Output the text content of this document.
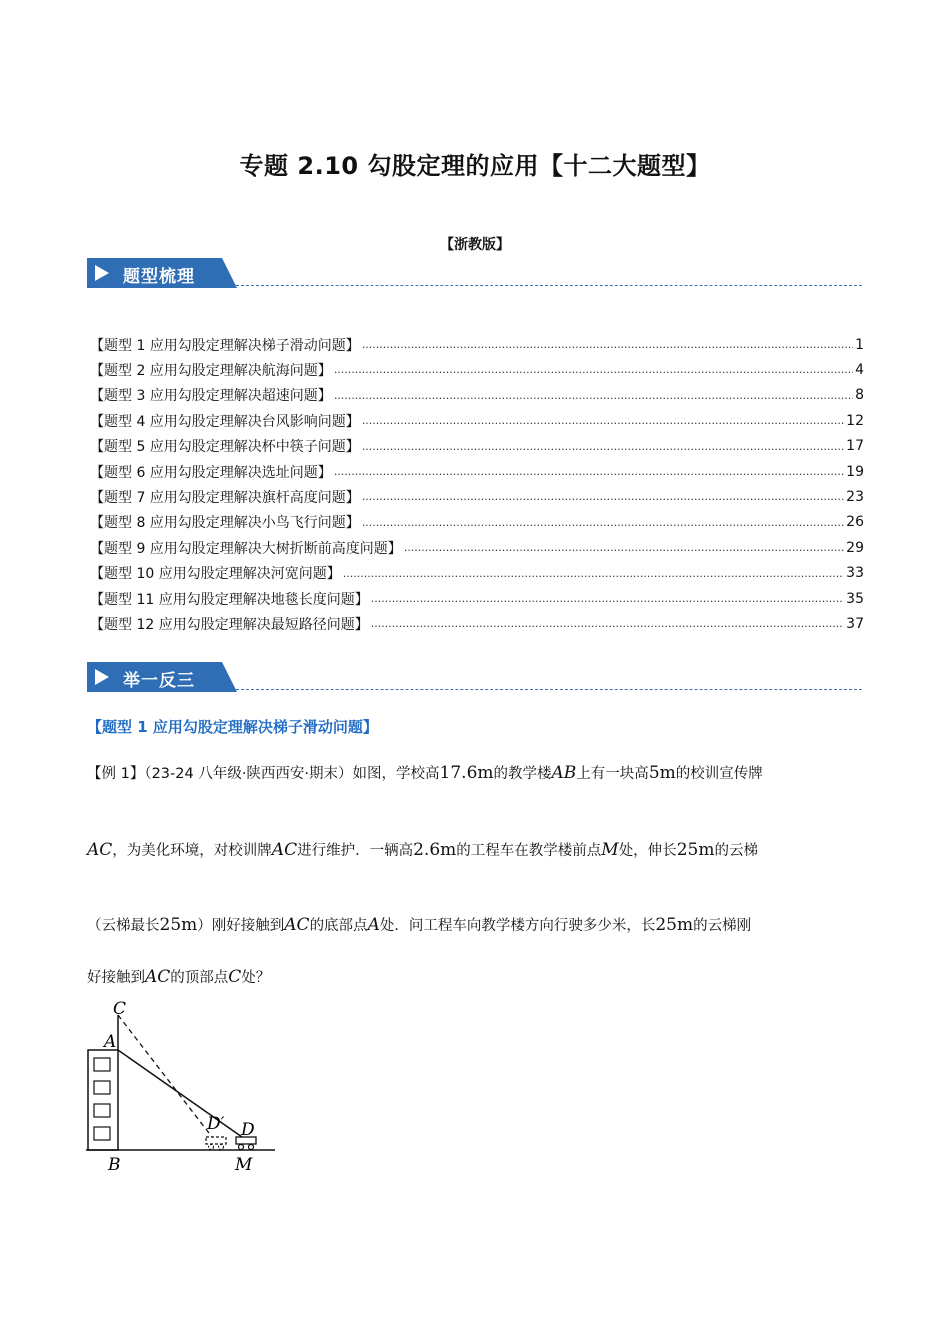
专题 2.10 勾股定理的应用【十二大题型】
【浙教版】
题型梳理
【题型 1 应用勾股定理解决梯子滑动问题】 .....	1
【题型 2 应用勾股定理解决航海问题】 .....	4
【题型 3 应用勾股定理解决超速问题】 .....	8
【题型 4 应用勾股定理解决台风影响问题】 .....	12
【题型 5 应用勾股定理解决杯中筷子问题】 .....	17
【题型 6 应用勾股定理解决选址问题】 .....	19
【题型 7 应用勾股定理解决旗杆高度问题】 .....	23
【题型 8 应用勾股定理解决小鸟飞行问题】 .....	26
【题型 9 应用勾股定理解决大树折断前高度问题】 .....	29
【题型 10 应用勾股定理解决河宽问题】 .....	33
【题型 11 应用勾股定理解决地毯长度问题】 .....	35
【题型 12 应用勾股定理解决最短路径问题】 .....	37
举一反三
【题型 1 应用勾股定理解决梯子滑动问题】
【例 1】（23-24 八年级·陕西西安·期末）如图，学校高17.6m的教学楼AB上有一块高5m的校训宣传牌
AC，为美化环境，对校训牌AC进行维护．一辆高2.6m的工程车在教学楼前点M处，伸长25m的云梯
（云梯最长25m）刚好接触到AC的底部点A处．问工程车向教学楼方向行驶多少米，长25m的云梯刚
好接触到AC的顶部点C处？
C
A
B	M
D
D′
